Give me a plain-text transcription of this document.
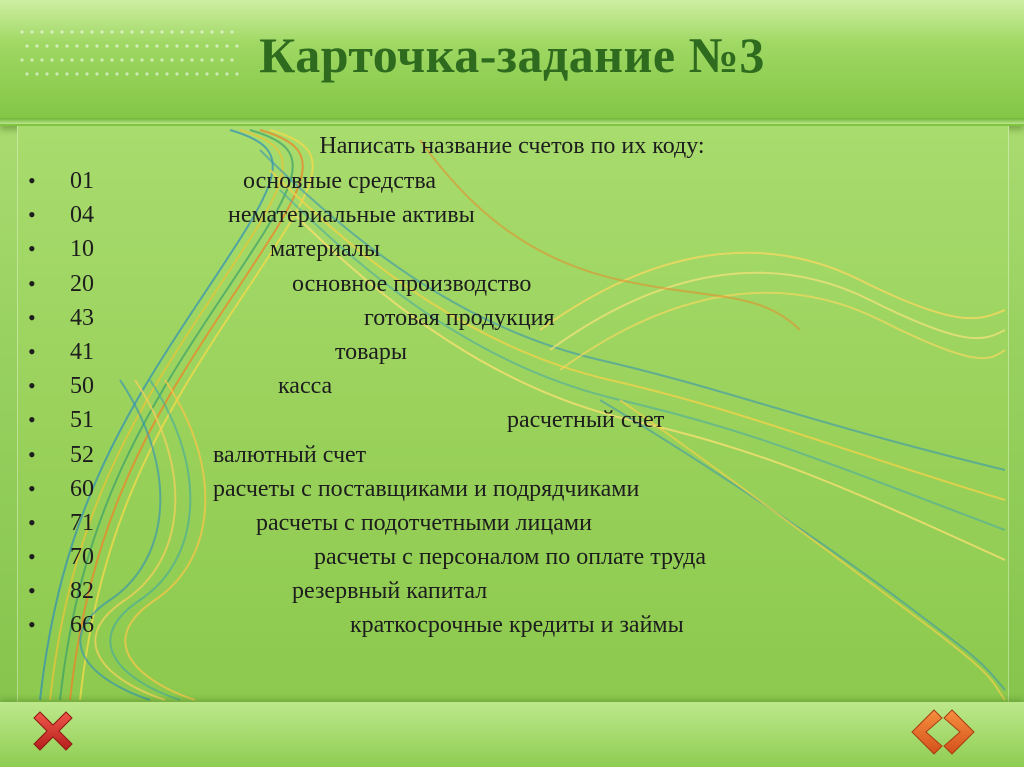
Карточка-задание №3
Написать название счетов по их коду:
• 01	основные средства
• 04	нематериальные активы
• 10	материалы
• 20	основное производство
• 43	готовая продукция
• 41	товары
• 50	касса
• 51	расчетный счет
• 52	валютный счет
• 60	расчеты с поставщиками и подрядчиками
• 71	расчеты с подотчетными лицами
• 70	расчеты с персоналом по оплате труда
• 82	резервный капитал
• 66	краткосрочные кредиты и займы
